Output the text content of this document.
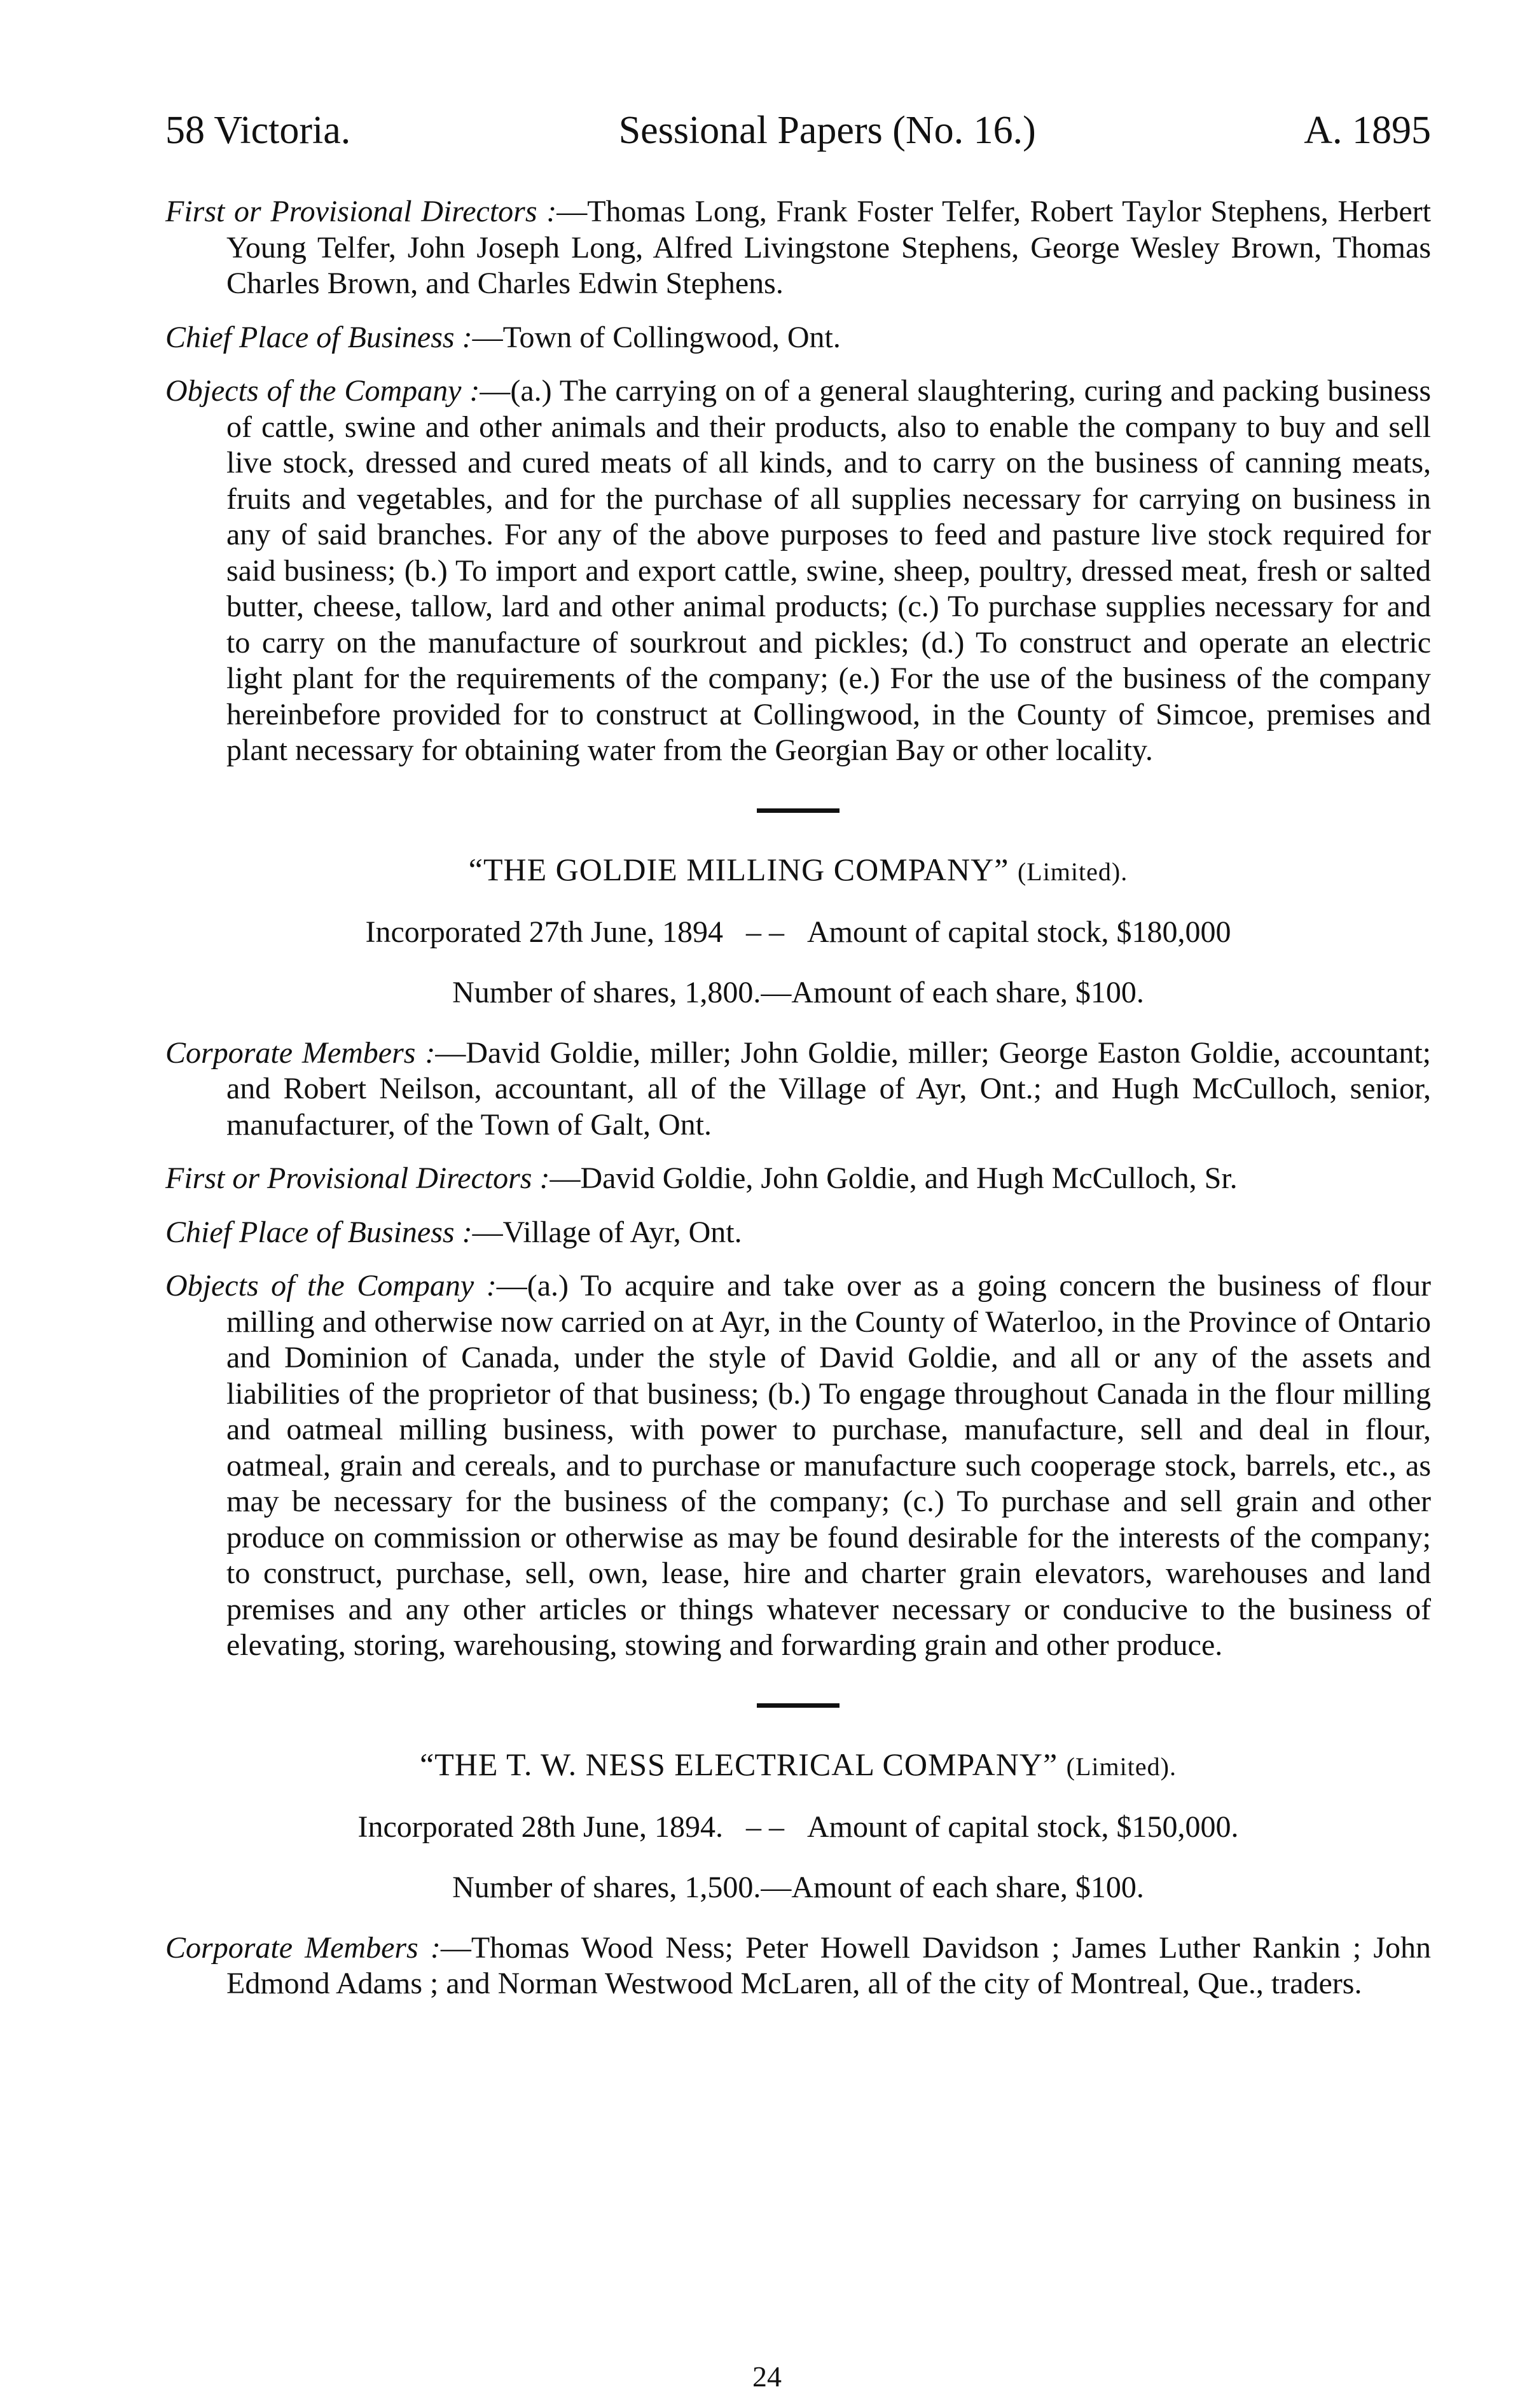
58 Victoria.	Sessional Papers (No. 16.)	A. 1895

First or Provisional Directors :—Thomas Long, Frank Foster Telfer, Robert Taylor Stephens, Herbert Young Telfer, John Joseph Long, Alfred Livingstone Stephens, George Wesley Brown, Thomas Charles Brown, and Charles Edwin Stephens.

Chief Place of Business :—Town of Collingwood, Ont.

Objects of the Company :—(a.) The carrying on of a general slaughtering, curing and packing business of cattle, swine and other animals and their products, also to enable the company to buy and sell live stock, dressed and cured meats of all kinds, and to carry on the business of canning meats, fruits and vegetables, and for the purchase of all supplies necessary for carrying on business in any of said branches. For any of the above purposes to feed and pasture live stock required for said business; (b.) To import and export cattle, swine, sheep, poultry, dressed meat, fresh or salted butter, cheese, tallow, lard and other animal products; (c.) To purchase supplies necessary for and to carry on the manufacture of sourkrout and pickles; (d.) To construct and operate an electric light plant for the requirements of the company; (e.) For the use of the business of the company hereinbefore provided for to construct at Collingwood, in the County of Simcoe, premises and plant necessary for obtaining water from the Georgian Bay or other locality.

“THE GOLDIE MILLING COMPANY” (Limited).

Incorporated 27th June, 1894 – – Amount of capital stock, $180,000

Number of shares, 1,800.—Amount of each share, $100.

Corporate Members :—David Goldie, miller; John Goldie, miller; George Easton Goldie, accountant; and Robert Neilson, accountant, all of the Village of Ayr, Ont.; and Hugh McCulloch, senior, manufacturer, of the Town of Galt, Ont.

First or Provisional Directors :—David Goldie, John Goldie, and Hugh McCulloch, Sr.

Chief Place of Business :—Village of Ayr, Ont.

Objects of the Company :—(a.) To acquire and take over as a going concern the business of flour milling and otherwise now carried on at Ayr, in the County of Waterloo, in the Province of Ontario and Dominion of Canada, under the style of David Goldie, and all or any of the assets and liabilities of the proprietor of that business; (b.) To engage throughout Canada in the flour milling and oatmeal milling business, with power to purchase, manufacture, sell and deal in flour, oatmeal, grain and cereals, and to purchase or manufacture such cooperage stock, barrels, etc., as may be necessary for the business of the company; (c.) To purchase and sell grain and other produce on commission or otherwise as may be found desirable for the interests of the company; to construct, purchase, sell, own, lease, hire and charter grain elevators, warehouses and land premises and any other articles or things whatever necessary or conducive to the business of elevating, storing, warehousing, stowing and forwarding grain and other produce.

“THE T. W. NESS ELECTRICAL COMPANY” (Limited).

Incorporated 28th June, 1894. – – Amount of capital stock, $150,000.

Number of shares, 1,500.—Amount of each share, $100.

Corporate Members :—Thomas Wood Ness; Peter Howell Davidson ; James Luther Rankin ; John Edmond Adams ; and Norman Westwood McLaren, all of the city of Montreal, Que., traders.

24
